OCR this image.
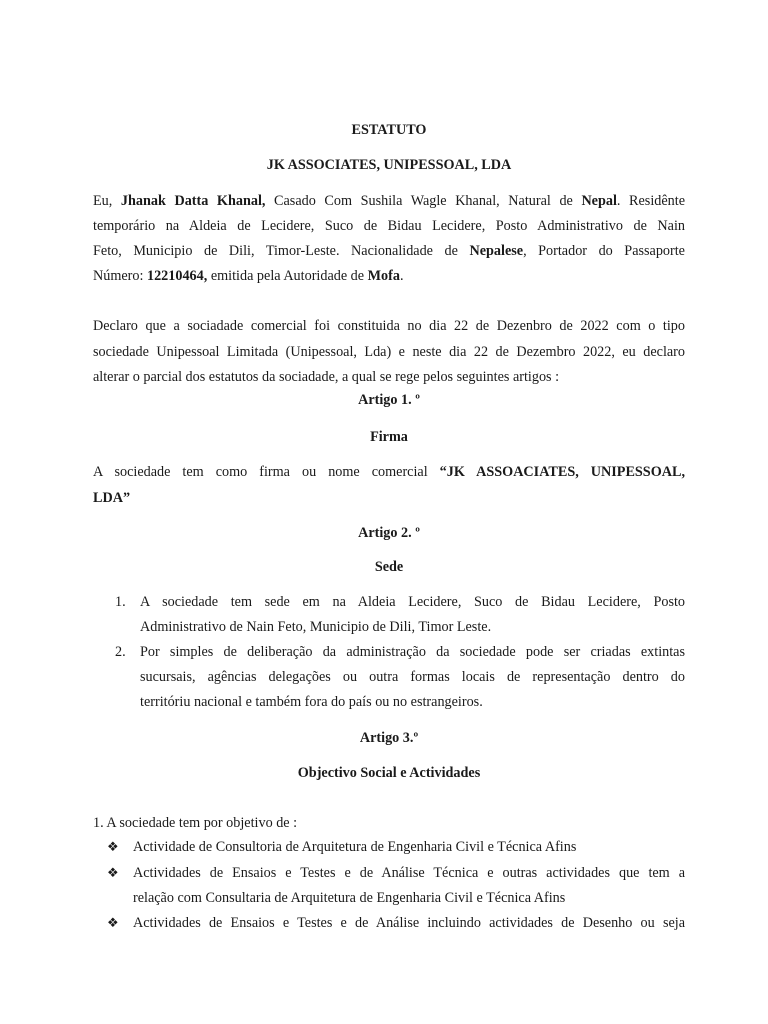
ESTATUTO
JK ASSOCIATES, UNIPESSOAL, LDA
Eu, Jhanak Datta Khanal, Casado Com Sushila Wagle Khanal, Natural de Nepal. Residênte
temporário na Aldeia de Lecidere, Suco de Bidau Lecidere, Posto Administrativo de Nain
Feto, Municipio de Dili, Timor-Leste. Nacionalidade de Nepalese, Portador do Passaporte
Número: 12210464, emitida pela Autoridade de Mofa.
Declaro que a sociadade comercial foi constituida no dia 22 de Dezenbro de 2022 com o tipo
sociedade Unipessoal Limitada (Unipessoal, Lda) e neste dia 22 de Dezembro 2022, eu declaro
alterar o parcial dos estatutos da sociadade, a qual se rege pelos seguintes artigos :
Artigo 1. º
Firma
A sociedade tem como firma ou nome comercial “JK ASSOACIATES, UNIPESSOAL,
LDA”
Artigo 2. º
Sede
1. A sociedade tem sede em na Aldeia Lecidere, Suco de Bidau Lecidere, Posto
Administrativo de Nain Feto, Municipio de Dili, Timor Leste.
2. Por simples de deliberação da administração da sociedade pode ser criadas extintas
sucursais, agências delegações ou outra formas locais de representação dentro do
territóriu nacional e também fora do país ou no estrangeiros.
Artigo 3.º
Objectivo Social e Actividades
1. A sociedade tem por objetivo de :
❖ Actividade de Consultoria de Arquitetura de Engenharia Civil e Técnica Afins
❖ Actividades de Ensaios e Testes e de Análise Técnica e outras actividades que tem a
relação com Consultaria de Arquitetura de Engenharia Civil e Técnica Afins
❖ Actividades de Ensaios e Testes e de Análise incluindo actividades de Desenho ou seja
